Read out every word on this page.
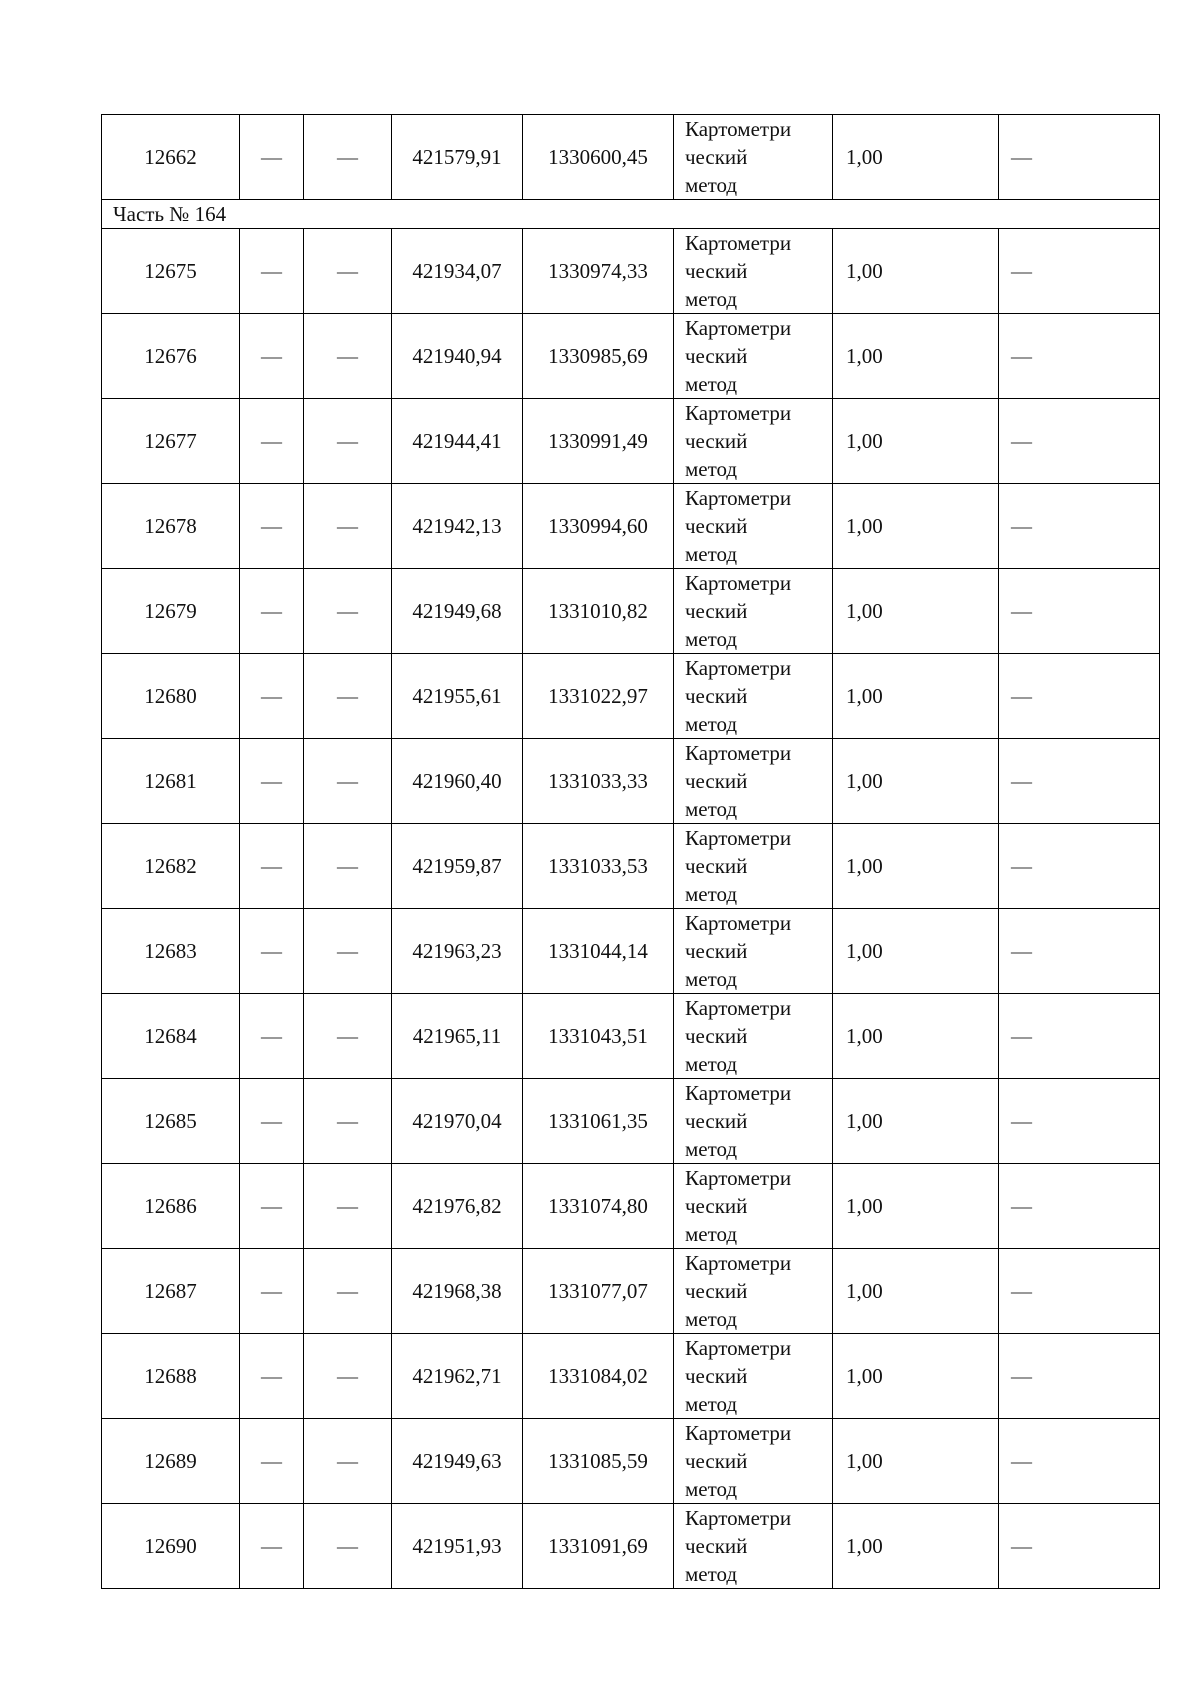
12662	—	—	421579,91	1330600,45	Картометри
ческий
метод	1,00	—
Часть № 164							
12675	—	—	421934,07	1330974,33	Картометри
ческий
метод	1,00	—
12676	—	—	421940,94	1330985,69	Картометри
ческий
метод	1,00	—
12677	—	—	421944,41	1330991,49	Картометри
ческий
метод	1,00	—
12678	—	—	421942,13	1330994,60	Картометри
ческий
метод	1,00	—
12679	—	—	421949,68	1331010,82	Картометри
ческий
метод	1,00	—
12680	—	—	421955,61	1331022,97	Картометри
ческий
метод	1,00	—
12681	—	—	421960,40	1331033,33	Картометри
ческий
метод	1,00	—
12682	—	—	421959,87	1331033,53	Картометри
ческий
метод	1,00	—
12683	—	—	421963,23	1331044,14	Картометри
ческий
метод	1,00	—
12684	—	—	421965,11	1331043,51	Картометри
ческий
метод	1,00	—
12685	—	—	421970,04	1331061,35	Картометри
ческий
метод	1,00	—
12686	—	—	421976,82	1331074,80	Картометри
ческий
метод	1,00	—
12687	—	—	421968,38	1331077,07	Картометри
ческий
метод	1,00	—
12688	—	—	421962,71	1331084,02	Картометри
ческий
метод	1,00	—
12689	—	—	421949,63	1331085,59	Картометри
ческий
метод	1,00	—
12690	—	—	421951,93	1331091,69	Картометри
ческий
метод	1,00	—
